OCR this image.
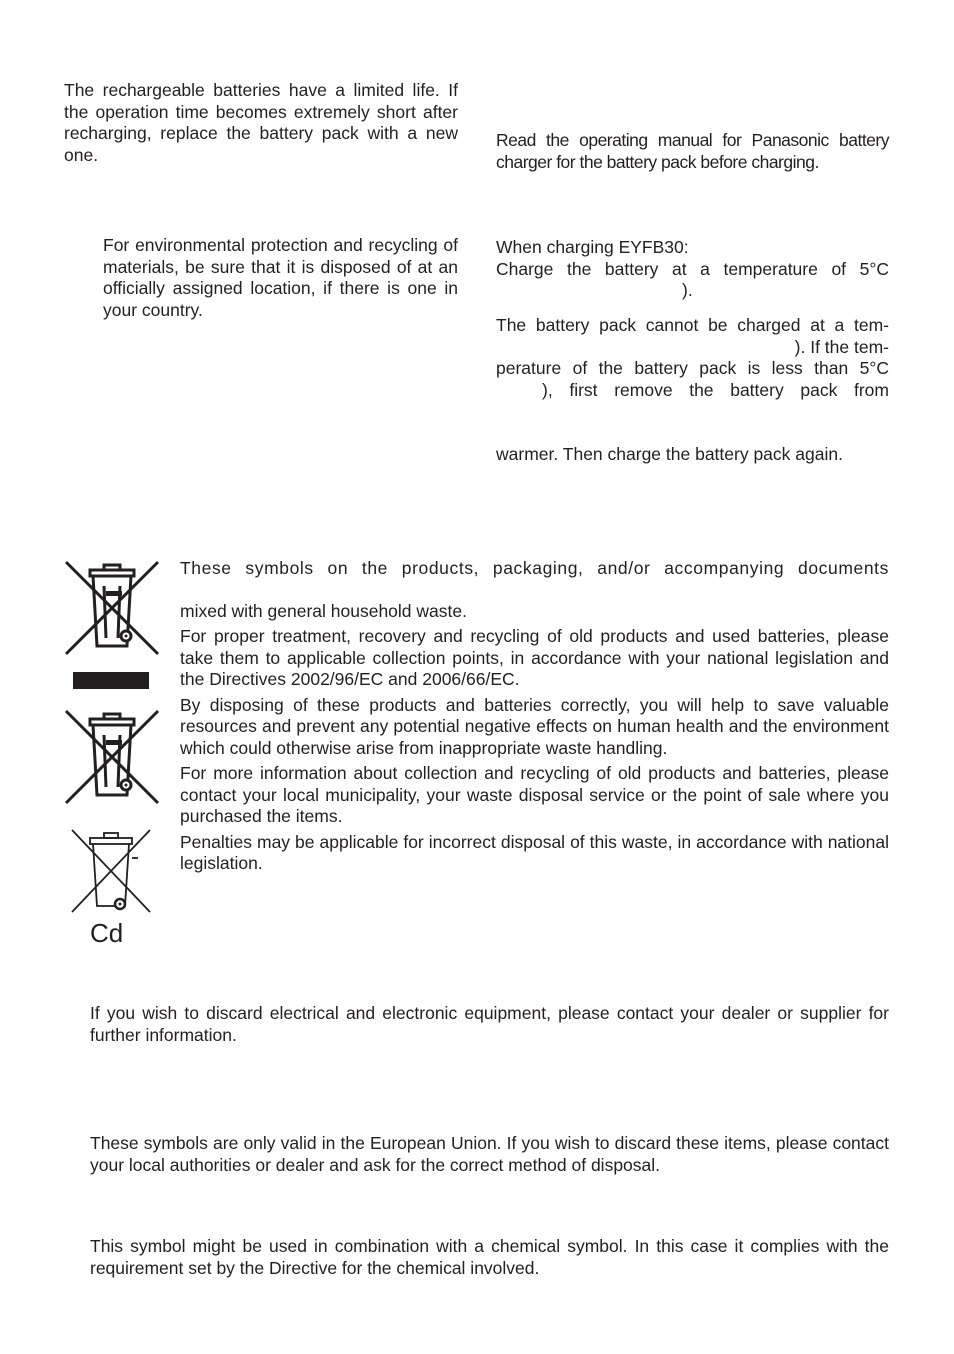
The rechargeable batteries have a limited life. If the operation time becomes extremely short after recharging, replace the battery pack with a new one.

For environmental protection and recycling of materials, be sure that it is disposed of at an officially assigned location, if there is one in your country.

Read the operating manual for Panasonic battery charger for the battery pack before charging.

When charging EYFB30:

Charge the battery at a temperature of 5°C

).

The battery pack cannot be charged at a tem-

). If the tem-

perature of the battery pack is less than 5°C

), first remove the battery pack from

warmer. Then charge the battery pack again.

Cd

These symbols on the products, packaging, and/or accompanying documents

mixed with general household waste.

For proper treatment, recovery and recycling of old products and used batteries, please take them to applicable collection points, in accordance with your national legislation and the Directives 2002/96/EC and 2006/66/EC.

By disposing of these products and batteries correctly, you will help to save valuable resources and prevent any potential negative effects on human health and the environment which could otherwise arise from inappropriate waste handling.

For more information about collection and recycling of old products and batteries, please contact your local municipality, your waste disposal service or the point of sale where you purchased the items.

Penalties may be applicable for incorrect disposal of this waste, in accordance with national legislation.

If you wish to discard electrical and electronic equipment, please contact your dealer or supplier for further information.

These symbols are only valid in the European Union. If you wish to discard these items, please contact your local authorities or dealer and ask for the correct method of disposal.

This symbol might be used in combination with a chemical symbol. In this case it complies with the requirement set by the Directive for the chemical involved.
